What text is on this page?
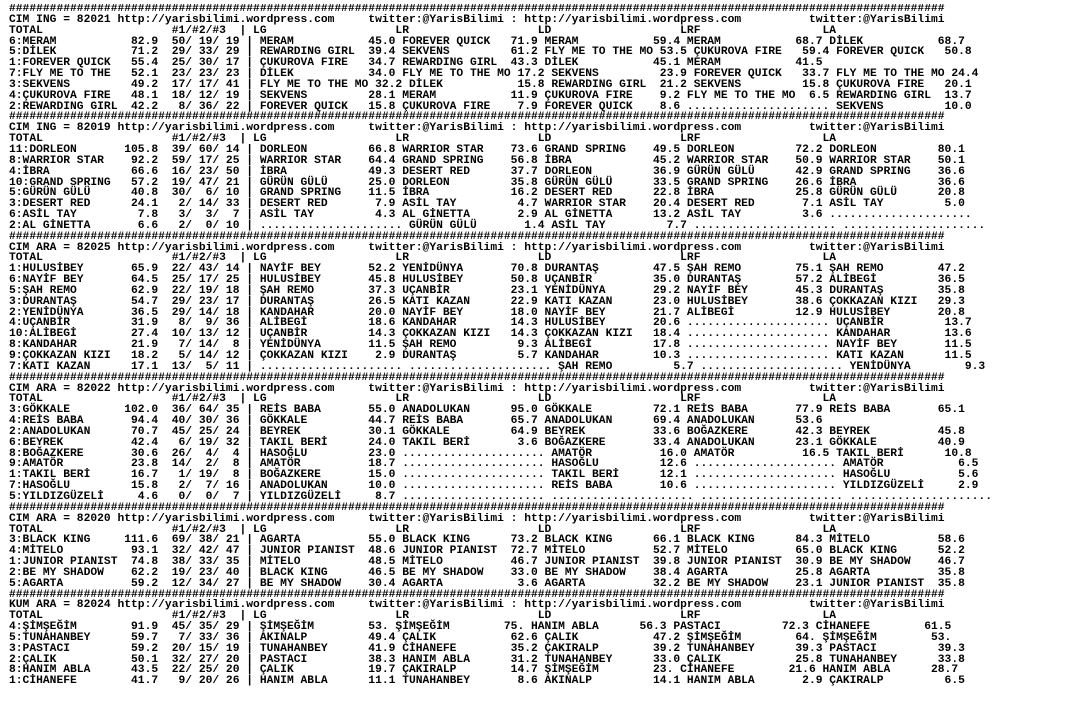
##########################################################################################################################################
CIM ING = 82021 http://yarisbilimi.wordpress.com     twitter:@YarisBilimi : http://yarisbilimi.wordpress.com          twitter:@YarisBilimi
TOTAL                   #1/#2/#3  | LG                   LR                   LD                   LRF                  LA
6:MERAM           82.9  50/ 19/ 19 | MERAM           45.0 FOREVER QUICK   71.9 MERAM           59.4 MERAM           68.7 DİLEK           68.7
5:DİLEK           71.2  29/ 33/ 29 | REWARDING GIRL  39.4 SEKVENS         61.2 FLY ME TO THE MO 53.5 ÇUKUROVA FIRE   59.4 FOREVER QUICK   50.8
1:FOREVER QUICK   55.4  25/ 30/ 17 | ÇUKUROVA FIRE   34.7 REWARDING GIRL  43.3 DİLEK           45.1 MERAM           41.5
7:FLY ME TO THE   52.1  23/ 23/ 23 | DİLEK           34.0 FLY ME TO THE MO 17.2 SEKVENS         23.9 FOREVER QUICK   33.7 FLY ME TO THE MO 24.4
3:SEKVENS         49.2  17/ 17/ 41 | FLY ME TO THE MO 32.2 DİLEK           15.8 REWARDING GIRL  21.2 SEKVENS         15.8 ÇUKUROVA FIRE   20.1
4:ÇUKUROVA FIRE   48.1  18/ 12/ 19 | SEKVENS         28.1 MERAM           11.9 ÇUKUROVA FIRE    9.2 FLY ME TO THE MO  6.5 REWARDING GIRL  13.7
2:REWARDING GIRL  42.2   8/ 36/ 22 | FOREVER QUICK   15.8 ÇUKUROVA FIRE    7.9 FOREVER QUICK    8.6 ..................... SEKVENS         10.0
##########################################################################################################################################
CIM ING = 82019 http://yarisbilimi.wordpress.com     twitter:@YarisBilimi : http://yarisbilimi.wordpress.com          twitter:@YarisBilimi
TOTAL                   #1/#2/#3  | LG                   LR                   LD                   LRF                  LA
11:DORLEON       105.8  39/ 60/ 14 | DORLEON         66.8 WARRIOR STAR    73.6 GRAND SPRING    49.5 DORLEON         72.2 DORLEON         80.1
8:WARRIOR STAR    92.2  59/ 17/ 25 | WARRIOR STAR    64.4 GRAND SPRING    56.8 İBRA            45.2 WARRIOR STAR    50.9 WARRIOR STAR    50.1
4:İBRA            66.6  16/ 23/ 50 | İBRA            49.3 DESERT RED      37.7 DORLEON         36.9 GÜRÜN GÜLÜ      42.9 GRAND SPRING    36.6
10:GRAND SPRING   57.2  19/ 47/ 21 | GÜRÜN GÜLÜ      25.0 DORLEON         35.8 GÜRÜN GÜLÜ      33.5 GRAND SPRING    26.6 İBRA            36.6
5:GÜRÜN GÜLÜ      40.8  30/  6/ 10 | GRAND SPRING    11.5 İBRA            16.2 DESERT RED      22.8 İBRA            25.8 GÜRÜN GÜLÜ      20.8
3:DESERT RED      24.1   2/ 14/ 33 | DESERT RED       7.9 ASİL TAY         4.7 WARRIOR STAR    20.4 DESERT RED       7.1 ASİL TAY         5.0
6:ASİL TAY         7.8   3/  3/  7 | ASİL TAY         4.3 AL GİNETTA       2.9 AL GİNETTA      13.2 ASİL TAY         3.6 .....................
2:AL GİNETTA       6.6   2/  0/ 10 | ..................... GÜRÜN GÜLÜ       1.4 ASİL TAY         7.7 ..................... .....................
##########################################################################################################################################
CIM ARA = 82025 http://yarisbilimi.wordpress.com     twitter:@YarisBilimi : http://yarisbilimi.wordpress.com          twitter:@YarisBilimi
TOTAL                   #1/#2/#3  | LG                   LR                   LD                   LRF                  LA
1:HULUSİBEY       65.9  22/ 43/ 14 | NAYİF BEY       52.2 YENİDÜNYA       70.8 DURANTAŞ        47.5 ŞAH REMO        75.1 ŞAH REMO        47.2
6:NAYİF BEY       64.5  25/ 17/ 25 | HULUSİBEY       45.8 HULUSİBEY       50.8 UÇANBİR         35.0 DURANTAŞ        57.2 ALİBEGİ         36.5
5:ŞAH REMO        62.9  22/ 19/ 18 | ŞAH REMO        37.3 UÇANBİR         23.1 YENİDÜNYA       29.2 NAYİF BEY       45.3 DURANTAŞ        35.8
3:DURANTAŞ        54.7  29/ 23/ 17 | DURANTAŞ        26.5 KATI KAZAN      22.9 KATI KAZAN      23.0 HULUSİBEY       38.6 ÇOKKAZAN KIZI   29.3
2:YENİDÜNYA       36.5  29/ 14/ 18 | KANDAHAR        20.0 NAYİF BEY       18.0 NAYİF BEY       21.7 ALİBEGİ         12.9 HULUSİBEY       20.8
4:UÇANBİR         31.9   8/  9/ 36 | ALİBEGİ         18.6 KANDAHAR        14.3 HULUSİBEY       20.6 ..................... UÇANBİR         13.7
10:ALİBEGİ        27.4  10/ 13/ 12 | UÇANBİR         14.3 ÇOKKAZAN KIZI   14.3 ÇOKKAZAN KIZI   18.4 ..................... KANDAHAR        13.6
8:KANDAHAR        21.9   7/ 14/  8 | YENİDÜNYA       11.5 ŞAH REMO         9.3 ALİBEGİ         17.8 ..................... NAYİF BEY       11.5
9:ÇOKKAZAN KIZI   18.2   5/ 14/ 12 | ÇOKKAZAN KIZI    2.9 DURANTAŞ         5.7 KANDAHAR        10.3 ..................... KATI KAZAN      11.5
7:KATI KAZAN      17.1  13/  5/ 11 | ..................... ..................... ŞAH REMO         5.7 ..................... YENİDÜNYA        9.3
##########################################################################################################################################
CIM ARA = 82022 http://yarisbilimi.wordpress.com     twitter:@YarisBilimi : http://yarisbilimi.wordpress.com          twitter:@YarisBilimi
TOTAL                   #1/#2/#3  | LG                   LR                   LD                   LRF                  LA
3:GÖKKALE        102.0  36/ 64/ 35 | REİS BABA       55.0 ANADOLUKAN      95.0 GÖKKALE         72.1 REİS BABA       77.9 REİS BABA       65.1
4:REİS BABA       94.4  40/ 30/ 36 | GÖKKALE         44.7 REİS BABA       65.7 ANADOLUKAN      69.4 ANADOLUKAN      53.6
2:ANADOLUKAN      70.7  45/ 25/ 24 | BEYREK          30.1 GÖKKALE         64.9 BEYREK          33.6 BOĞAZKERE       42.3 BEYREK          45.8
6:BEYREK          42.4   6/ 19/ 32 | TAKIL BERİ      24.0 TAKIL BERİ       3.6 BOĞAZKERE       33.4 ANADOLUKAN      23.1 GÖKKALE         40.9
8:BOĞAZKERE       30.6  26/  4/  4 | HASOĞLU         23.0 ..................... AMATÖR          16.0 AMATÖR          16.5 TAKIL BERİ      10.8
9:AMATÖR          23.8  14/  2/  8 | AMATÖR          18.7 ..................... HASOĞLU         12.6 ..................... AMATÖR           6.5
1:TAKIL BERİ      16.7   1/ 19/  8 | BOĞAZKERE       15.0 ..................... TAKIL BERİ      12.1 ..................... HASOĞLU          5.6
7:HASOĞLU         15.8   2/  7/ 16 | ANADOLUKAN      10.0 ..................... REİS BABA       10.6 ..................... YILDIZGÜZELİ     2.9
5:YILDIZGÜZELİ     4.6   0/  0/  7 | YILDIZGÜZELİ     8.7 ..................... ..................... ..................... .....................
##########################################################################################################################################
CIM ARA = 82020 http://yarisbilimi.wordpress.com     twitter:@YarisBilimi : http://yarisbilimi.wordpress.com          twitter:@YarisBilimi
TOTAL                   #1/#2/#3  | LG                   LR                   LD                   LRF                  LA
3:BLACK KING     111.6  69/ 38/ 21 | AGARTA          55.0 BLACK KING      73.2 BLACK KING      66.1 BLACK KING      84.3 MİTELO          58.6
4:MİTELO          93.1  32/ 42/ 47 | JUNIOR PIANIST  48.6 JUNIOR PIANIST  72.7 MİTELO          52.7 MİTELO          65.0 BLACK KING      52.2
1:JUNIOR PIANIST  74.8  38/ 33/ 35 | MİTELO          48.5 MİTELO          46.7 JUNIOR PIANIST  39.8 JUNIOR PIANIST  30.9 BE MY SHADOW    46.7
2:BE MY SHADOW    62.2  19/ 23/ 40 | BLACK KING      46.5 BE MY SHADOW    33.0 BE MY SHADOW    38.4 AGARTA          25.8 AGARTA          35.8
5:AGARTA          59.2  12/ 34/ 27 | BE MY SHADOW    30.4 AGARTA           3.6 AGARTA          32.2 BE MY SHADOW    23.1 JUNIOR PIANIST  35.8
##########################################################################################################################################
KUM ARA = 82024 http://yarisbilimi.wordpress.com     twitter:@YarisBilimi : http://yarisbilimi.wordpress.com          twitter:@YarisBilimi
TOTAL                   #1/#2/#3  | LG                   LR                   LD                   LRF                  LA
4:ŞİMŞEĞİM        91.9  45/ 35/ 29 | ŞİMŞEĞİM        53. ŞİMŞEĞİM        75. HANIM ABLA      56.3 PASTACI         72.3 CİHANEFE        61.5
5:TUNAHANBEY      59.7   7/ 33/ 36 | AKINALP         49.4 ÇALIK           62.6 ÇALIK           47.2 ŞİMŞEĞİM        64. ŞİMŞEĞİM        53.
3:PASTACI         59.2  20/ 15/ 19 | TUNAHANBEY      41.9 CİHANEFE        35.2 ÇAKIRALP        39.2 TUNAHANBEY      39.3 PASTACI         39.3
2:ÇALIK           50.1  32/ 27/ 20 | PASTACI         38.3 HANIM ABLA      31.2 TUNAHANBEY      33.0 ÇALIK           25.8 TUNAHANBEY      33.8
8:HANIM ABLA      43.5  22/ 25/ 20 | ÇALIK           19.7 ÇAKIRALP        14.7 ŞİMŞEĞİM        23. CİHANEFE        21.6 HANIM ABLA      28.7
1:CİHANEFE        41.7   9/ 20/ 26 | HANIM ABLA      11.1 TUNAHANBEY       8.6 AKINALP         14.1 HANIM ABLA       2.9 ÇAKIRALP         6.5
